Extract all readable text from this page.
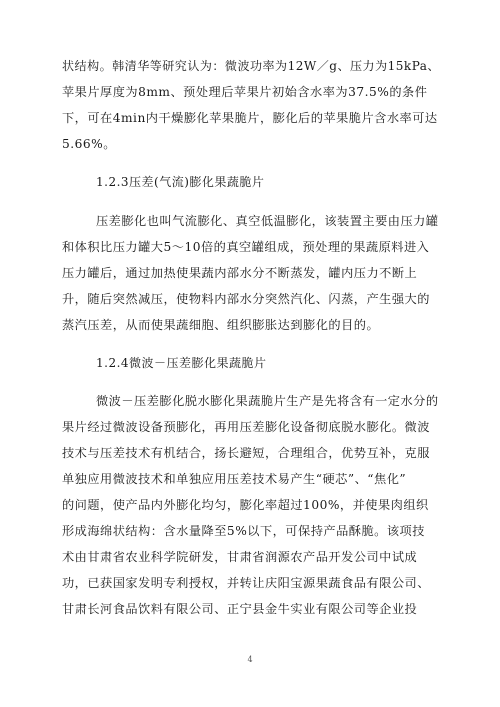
状结构。韩清华等研究认为：微波功率为12W／g、压力为15kPa、
苹果片厚度为8mm、预处理后苹果片初始含水率为37.5%的条件
下，可在4min内干燥膨化苹果脆片，膨化后的苹果脆片含水率可达
5.66%。
1.2.3压差(气流)膨化果蔬脆片
压差膨化也叫气流膨化、真空低温膨化，该装置主要由压力罐
和体积比压力罐大5～10倍的真空罐组成，预处理的果蔬原料进入
压力罐后，通过加热使果蔬内部水分不断蒸发，罐内压力不断上
升，随后突然减压，使物料内部水分突然汽化、闪蒸，产生强大的
蒸汽压差，从而使果蔬细胞、组织膨胀达到膨化的目的。
1.2.4微波－压差膨化果蔬脆片
微波－压差膨化脱水膨化果蔬脆片生产是先将含有一定水分的
果片经过微波设备预膨化，再用压差膨化设备彻底脱水膨化。微波
技术与压差技术有机结合，扬长避短，合理组合，优势互补，克服
单独应用微波技术和单独应用压差技术易产生“硬芯”、“焦化”
的问题，使产品内外膨化均匀，膨化率超过100%，并使果肉组织
形成海绵状结构：含水量降至5%以下，可保持产品酥脆。该项技
术由甘肃省农业科学院研发，甘肃省润源农产品开发公司中试成
功，已获国家发明专利授权，并转让庆阳宝源果蔬食品有限公司、
甘肃长河食品饮料有限公司、正宁县金牛实业有限公司等企业投
4
